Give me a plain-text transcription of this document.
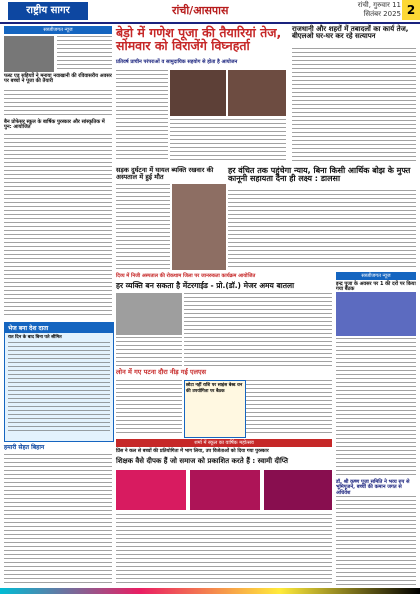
राष्ट्रीय सागर	रांची/आसपास	रांची, गुरुवार 11 सितंबर 2025 2
सब्जीजगत न्यूज
फस्ट एड सहियाों ने मनाया नवाखानी की रविवासरीय अवसर पर बच्चों ने पूजा की तैयारी
बैन प्रोफेसर स्कूल के बार्षिक पुरस्कार और सांस्कृतिक में पुन: आयोजित
भेज बना देश दाता
रात दिन के बाद बिना पते सीमित
हमारी सेहत बिहान
बेड़ो में गणेश पूजा की तैयारियां तेज, सोमवार को विराजेंगे विघ्नहर्ता
प्रतिवर्ष प्राचीन परंपराओं व सामुदायिक सहयोग से होता है आयोजन
राजधानी और शहरों में तबादलों का कार्य तेज, बीएलओ घर-घर कर रहे सत्यापन
सड़क दुर्घटना में घायल ब्यक्ति रखवार की अस्पताल में हुई मौत
हर वंचित तक पहुंचेगा न्याय, बिना किसी आर्थिक बोझ के मुफ्त कानूनी सहायता देना ही लक्ष्य : डालसा
सब्जीजगत न्यूज
इन्द्र पूजा के अवसर पर 1 की दरों पर किया गया बैठक
दिव्य में निजी अस्पताल की रोकथाम जिला पर जानरुकता कार्यक्रम आयोजित
हर व्यक्ति बन सकता है मेंटरगाईड - प्रो.(डॉ.) मेजर अमय बातला
लोन में गए पटना दौरा नीड़ गई एलएस
छोटा नहीं राशि पर साइंस बेस्ड धन की उपयोगिता पर बैठक
शर्मा में स्कूल का वार्षिक महोत्सव
प्रिंस ने कल से बच्चों की प्रतियोगिता में भाग लिया, उप विजेताओं को दिया गया पुरस्कार
शिक्षक वैसे दीपक हैं जो समाज को प्रकाशित करते हैं : स्वामी दीप्ति
डॉ. श्री कृष्ण पूजा समिति ने भव्य रुप से भूमिपूजन, बच्चों की कमान जगत से अधिवेश
